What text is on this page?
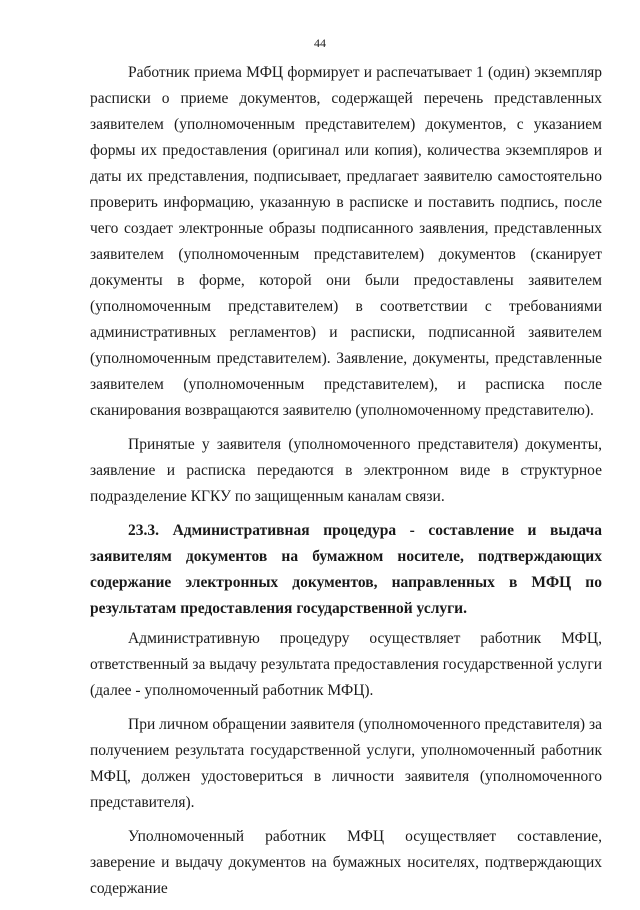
44

Работник приема МФЦ формирует и распечатывает 1 (один) экземпляр расписки о приеме документов, содержащей перечень представленных заявителем (уполномоченным представителем) документов, с указанием формы их предоставления (оригинал или копия), количества экземпляров и даты их представления, подписывает, предлагает заявителю самостоятельно проверить информацию, указанную в расписке и поставить подпись, после чего создает электронные образы подписанного заявления, представленных заявителем (уполномоченным представителем) документов (сканирует документы в форме, которой они были предоставлены заявителем (уполномоченным представителем) в соответствии с требованиями административных регламентов) и расписки, подписанной заявителем (уполномоченным представителем). Заявление, документы, представленные заявителем (уполномоченным представителем), и расписка после сканирования возвращаются заявителю (уполномоченному представителю).

Принятые у заявителя (уполномоченного представителя) документы, заявление и расписка передаются в электронном виде в структурное подразделение КГКУ по защищенным каналам связи.

23.3. Административная процедура - составление и выдача заявителям документов на бумажном носителе, подтверждающих содержание электронных документов, направленных в МФЦ по результатам предоставления государственной услуги.

Административную процедуру осуществляет работник МФЦ, ответственный за выдачу результата предоставления государственной услуги (далее - уполномоченный работник МФЦ).

При личном обращении заявителя (уполномоченного представителя) за получением результата государственной услуги, уполномоченный работник МФЦ, должен удостовериться в личности заявителя (уполномоченного представителя).

Уполномоченный работник МФЦ осуществляет составление, заверение и выдачу документов на бумажных носителях, подтверждающих содержание
